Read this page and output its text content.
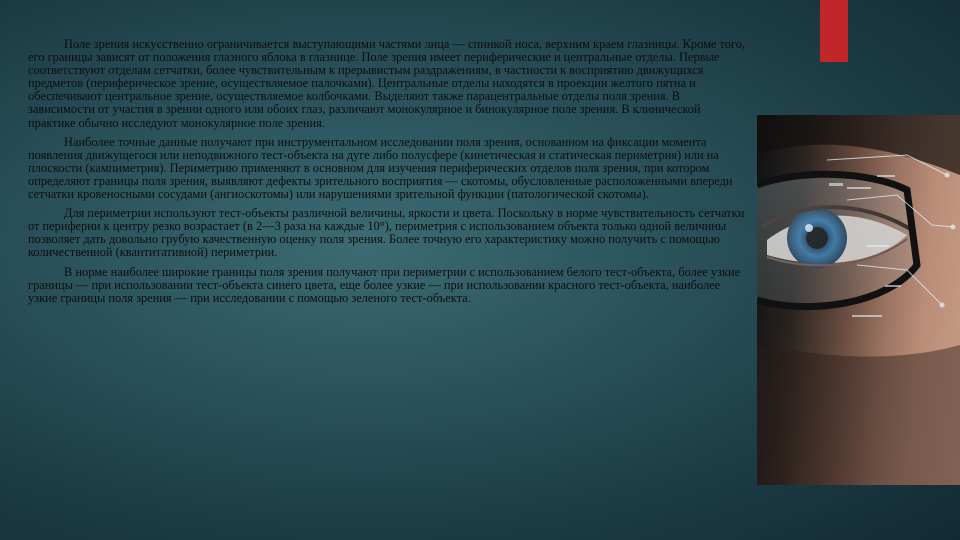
Поле зрения искусственно ограничивается выступающими частями лица — спинкой носа, верхним краем глазницы. Кроме того, его границы зависят от положения глазного яблока в глазнице. Поле зрения имеет периферические и центральные отделы. Первые соответствуют отделам сетчатки, более чувствительным к прерывистым раздражениям, в частности к восприятию движущихся предметов (периферическое зрение, осуществляемое палочками). Центральные отделы находятся в проекции желтого пятна и обеспечивают центральное зрение, осуществляемое колбочками. Выделяют также парацентральные отделы поля зрения. В зависимости от участия в зрении одного или обоих глаз, различают монокулярное и бинокулярное поле зрения. В клинической практике обычно исследуют монокулярное поле зрения.

Наиболее точные данные получают при инструментальном исследовании поля зрения, основанном на фиксации момента появления движущегося или неподвижного тест-объекта на дуге либо полусфере (кинетическая и статическая периметрия) или на плоскости (кампиметрия). Периметрию применяют в основном для изучения периферических отделов поля зрения, при котором определяют границы поля зрения, выявляют дефекты зрительного восприятия — скотомы, обусловленные расположенными впереди сетчатки кровеносными сосудами (ангиоскотомы) или нарушениями зрительной функции (патологической скотомы).

Для периметрии используют тест-объекты различной величины, яркости и цвета. Поскольку в норме чувствительность сетчатки от периферии к центру резко возрастает (в 2—3 раза на каждые 10°), периметрия с использованием объекта только одной величины позволяет дать довольно грубую качественную оценку поля зрения. Более точную его характеристику можно получить с помощью количественной (квантитативной) периметрии.

В норме наиболее широкие границы поля зрения получают при периметрии с использованием белого тест-объекта, более узкие границы — при использовании тест-объекта синего цвета, еще более узкие — при использовании красного тест-объекта, наиболее узкие границы поля зрения — при исследовании с помощью зеленого тест-объекта.
